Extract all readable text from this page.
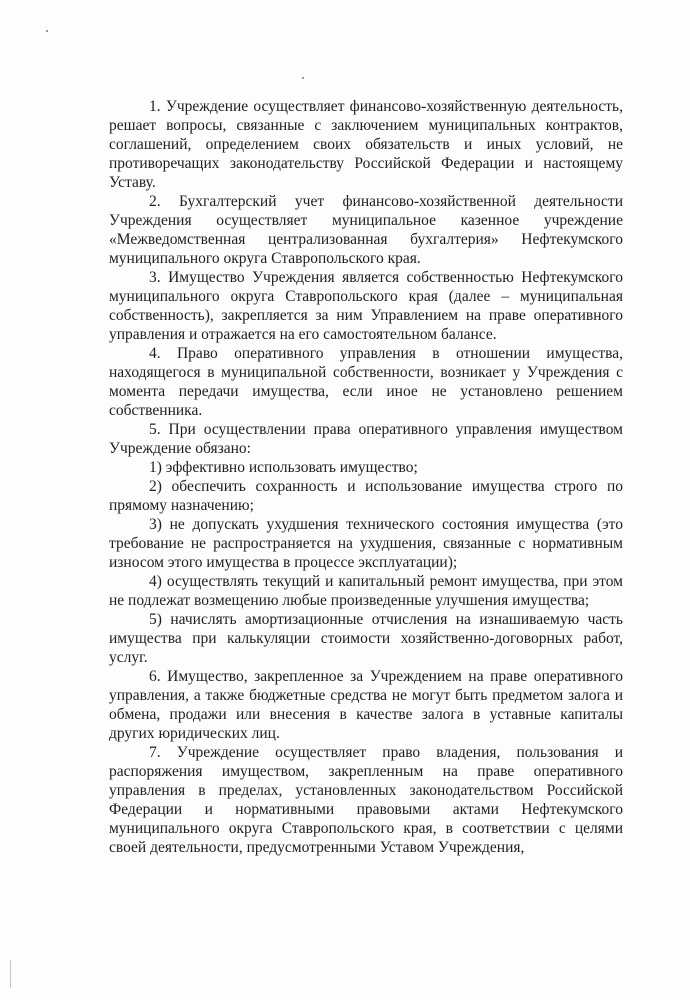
1. Учреждение осуществляет финансово-хозяйственную деятельность, решает вопросы, связанные с заключением муниципальных контрактов, соглашений, определением своих обязательств и иных условий, не противоречащих законодательству Российской Федерации и настоящему Уставу.

2. Бухгалтерский учет финансово-хозяйственной деятельности Учреждения осуществляет муниципальное казенное учреждение «Межведомственная централизованная бухгалтерия» Нефтекумского муниципального округа Ставропольского края.

3. Имущество Учреждения является собственностью Нефтекумского муниципального округа Ставропольского края (далее – муниципальная собственность), закрепляется за ним Управлением на праве оперативного управления и отражается на его самостоятельном балансе.

4. Право оперативного управления в отношении имущества, находящегося в муниципальной собственности, возникает у Учреждения с момента передачи имущества, если иное не установлено решением собственника.

5. При осуществлении права оперативного управления имуществом Учреждение обязано:

1) эффективно использовать имущество;

2) обеспечить сохранность и использование имущества строго по прямому назначению;

3) не допускать ухудшения технического состояния имущества (это требование не распространяется на ухудшения, связанные с нормативным износом этого имущества в процессе эксплуатации);

4) осуществлять текущий и капитальный ремонт имущества, при этом не подлежат возмещению любые произведенные улучшения имущества;

5) начислять амортизационные отчисления на изнашиваемую часть имущества при калькуляции стоимости хозяйственно-договорных работ, услуг.

6. Имущество, закрепленное за Учреждением на праве оперативного управления, а также бюджетные средства не могут быть предметом залога и обмена, продажи или внесения в качестве залога в уставные капиталы других юридических лиц.

7. Учреждение осуществляет право владения, пользования и распоряжения имуществом, закрепленным на праве оперативного управления в пределах, установленных законодательством Российской Федерации и нормативными правовыми актами Нефтекумского муниципального округа Ставропольского края, в соответствии с целями своей деятельности, предусмотренными Уставом Учреждения,
